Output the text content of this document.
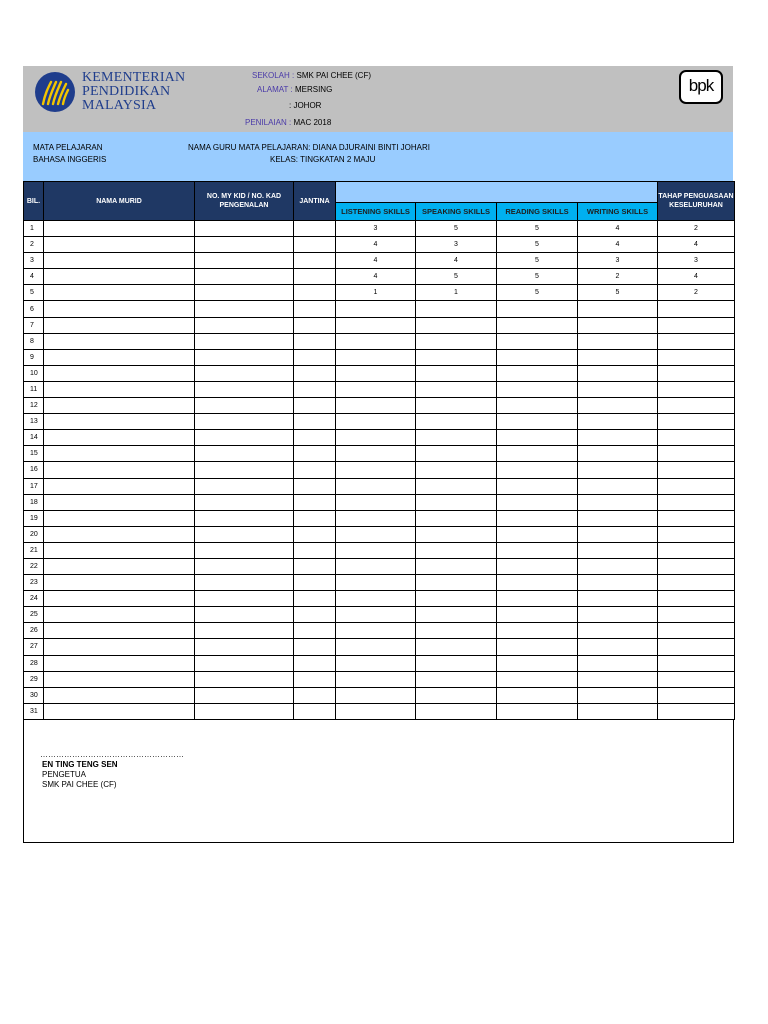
KEMENTERIAN
PENDIDIKAN
MALAYSIA
SEKOLAH : SMK PAI CHEE (CF)
ALAMAT : MERSING
: JOHOR
PENILAIAN : MAC 2018
bpk
MATA PELAJARAN
BAHASA INGGERIS
NAMA GURU MATA PELAJARAN: DIANA DJURAINI BINTI JOHARI
KELAS: TINGKATAN 2 MAJU
BIL.	NAMA MURID	NO. MY KID / NO. KAD PENGENALAN	JANTINA					TAHAP PENGUASAAN KESELURUHAN
				LISTENING SKILLS	SPEAKING SKILLS	READING SKILLS	WRITING SKILLS	
1				3	5	5	4	2
2				4	3	5	4	4
3				4	4	5	3	3
4				4	5	5	2	4
5				1	1	5	5	2
6								
7								
8								
9								
10								
11								
12								
13								
14								
15								
16								
17								
18								
19								
20								
21								
22								
23								
24								
25								
26								
27								
28								
29								
30								
31								
………………………………………………
EN TING TENG SEN
PENGETUA
SMK PAI CHEE (CF)
